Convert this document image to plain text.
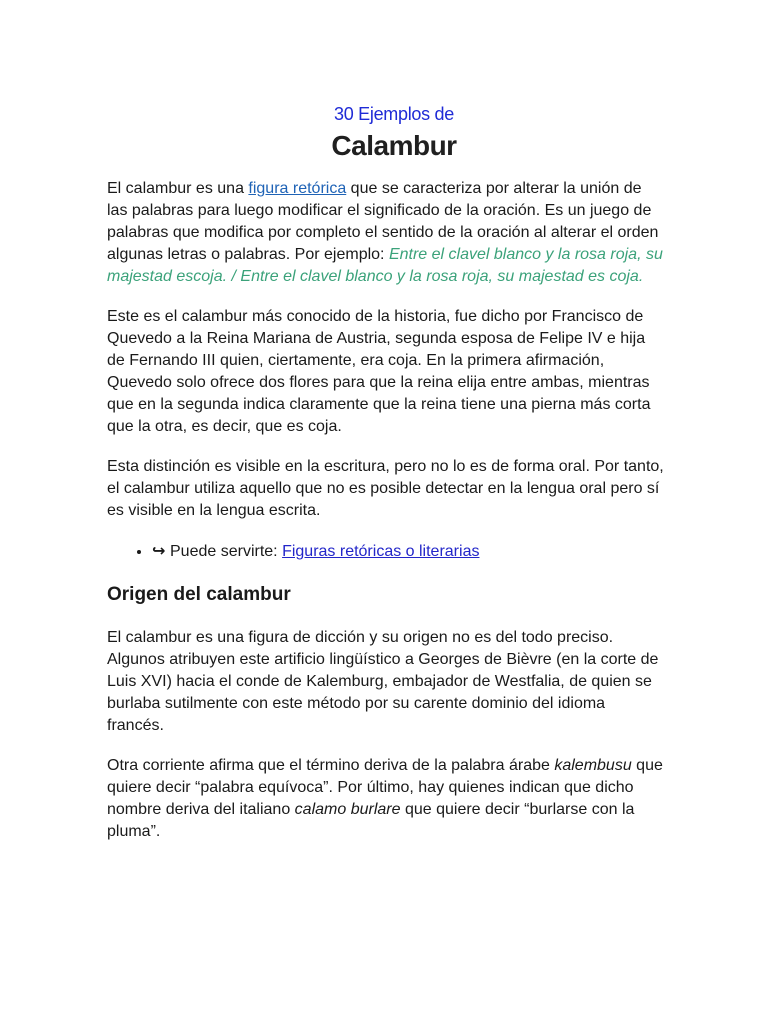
30 Ejemplos de
Calambur

El calambur es una figura retórica que se caracteriza por alterar la unión de las palabras para luego modificar el significado de la oración. Es un juego de palabras que modifica por completo el sentido de la oración al alterar el orden algunas letras o palabras. Por ejemplo: Entre el clavel blanco y la rosa roja, su majestad escoja. / Entre el clavel blanco y la rosa roja, su majestad es coja.

Este es el calambur más conocido de la historia, fue dicho por Francisco de Quevedo a la Reina Mariana de Austria, segunda esposa de Felipe IV e hija de Fernando III quien, ciertamente, era coja. En la primera afirmación, Quevedo solo ofrece dos flores para que la reina elija entre ambas, mientras que en la segunda indica claramente que la reina tiene una pierna más corta que la otra, es decir, que es coja.

Esta distinción es visible en la escritura, pero no lo es de forma oral. Por tanto, el calambur utiliza aquello que no es posible detectar en la lengua oral pero sí es visible en la lengua escrita.

• ↪ Puede servirte: Figuras retóricas o literarias
Origen del calambur

El calambur es una figura de dicción y su origen no es del todo preciso. Algunos atribuyen este artificio lingüístico a Georges de Bièvre (en la corte de Luis XVI) hacia el conde de Kalemburg, embajador de Westfalia, de quien se burlaba sutilmente con este método por su carente dominio del idioma francés.

Otra corriente afirma que el término deriva de la palabra árabe kalembusu que quiere decir “palabra equívoca”. Por último, hay quienes indican que dicho nombre deriva del italiano calamo burlare que quiere decir “burlarse con la pluma”.
